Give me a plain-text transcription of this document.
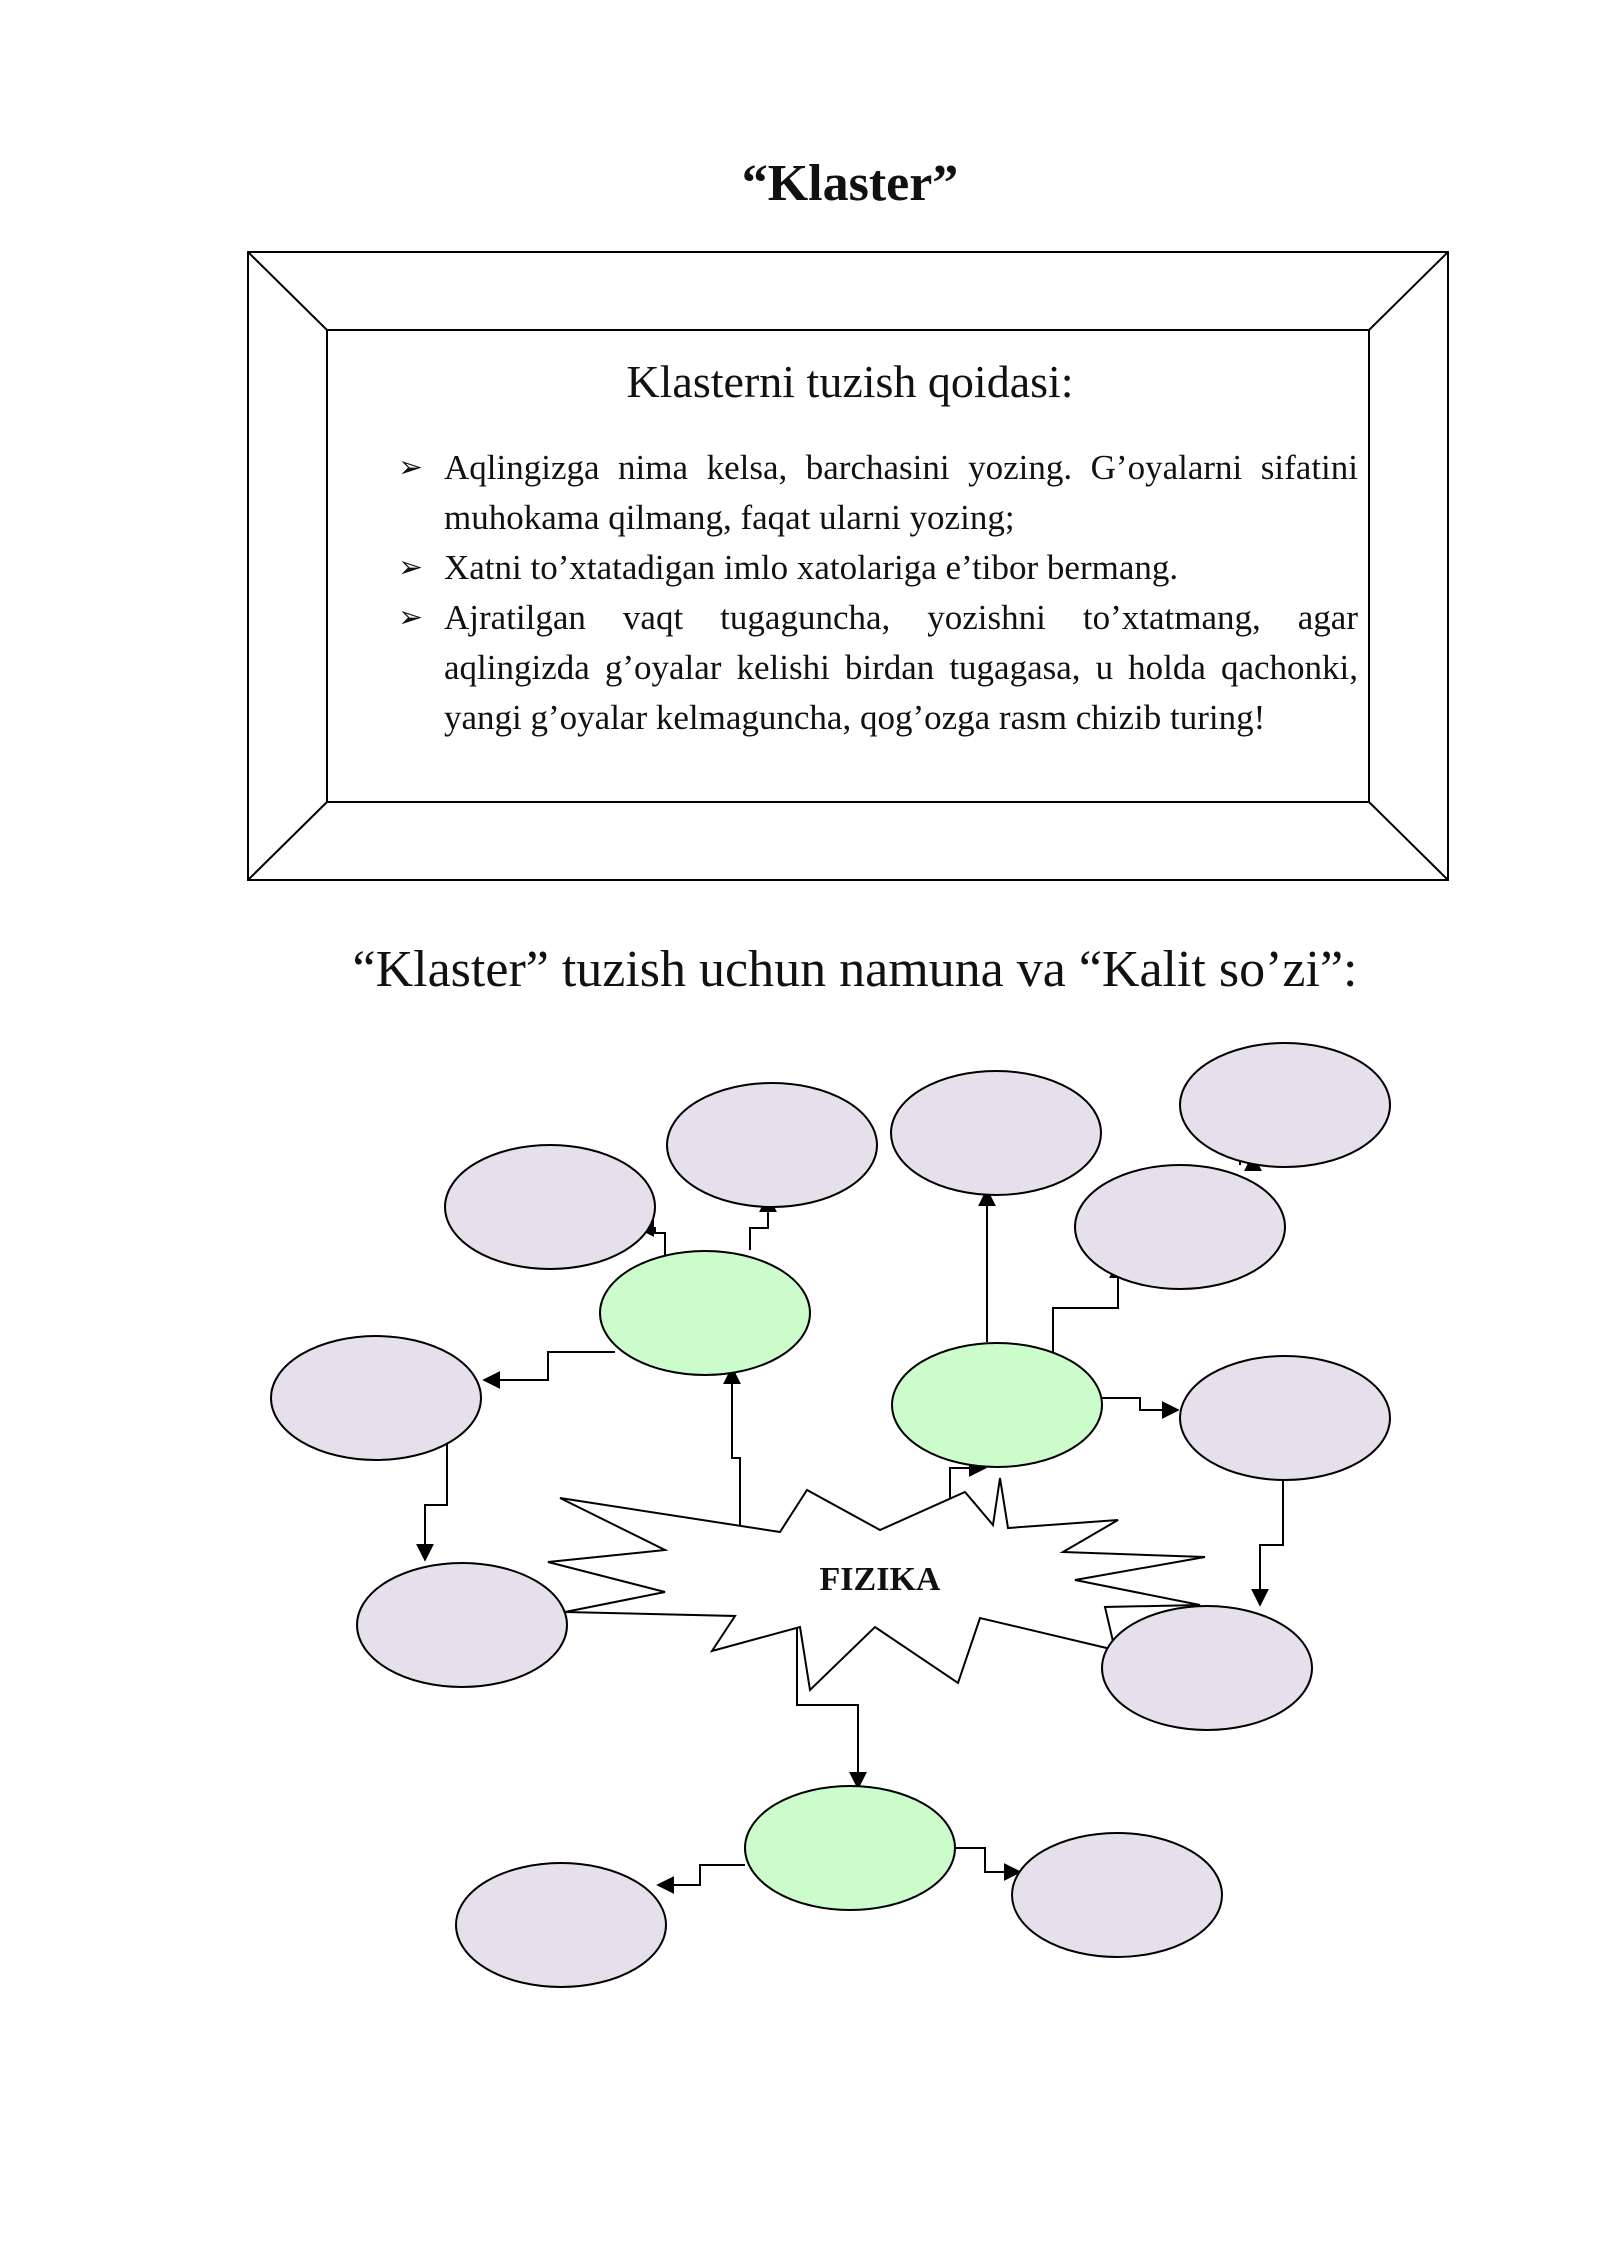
“Klaster”
Klasterni tuzish qoidasi:
➢ Aqlingizga nima kelsa, barchasini yozing. G’oyalarni sifatini muhokama qilmang, faqat ularni yozing;
➢ Xatni to’xtatadigan imlo xatolariga e’tibor bermang.
➢ Ajratilgan vaqt tugaguncha, yozishni to’xtatmang, agar aqlingizda g’oyalar kelishi birdan tugagasa, u holda qachonki, yangi g’oyalar kelmaguncha, qog’ozga rasm chizib turing!
“Klaster” tuzish uchun namuna va “Kalit so’zi”:
FIZIKA
